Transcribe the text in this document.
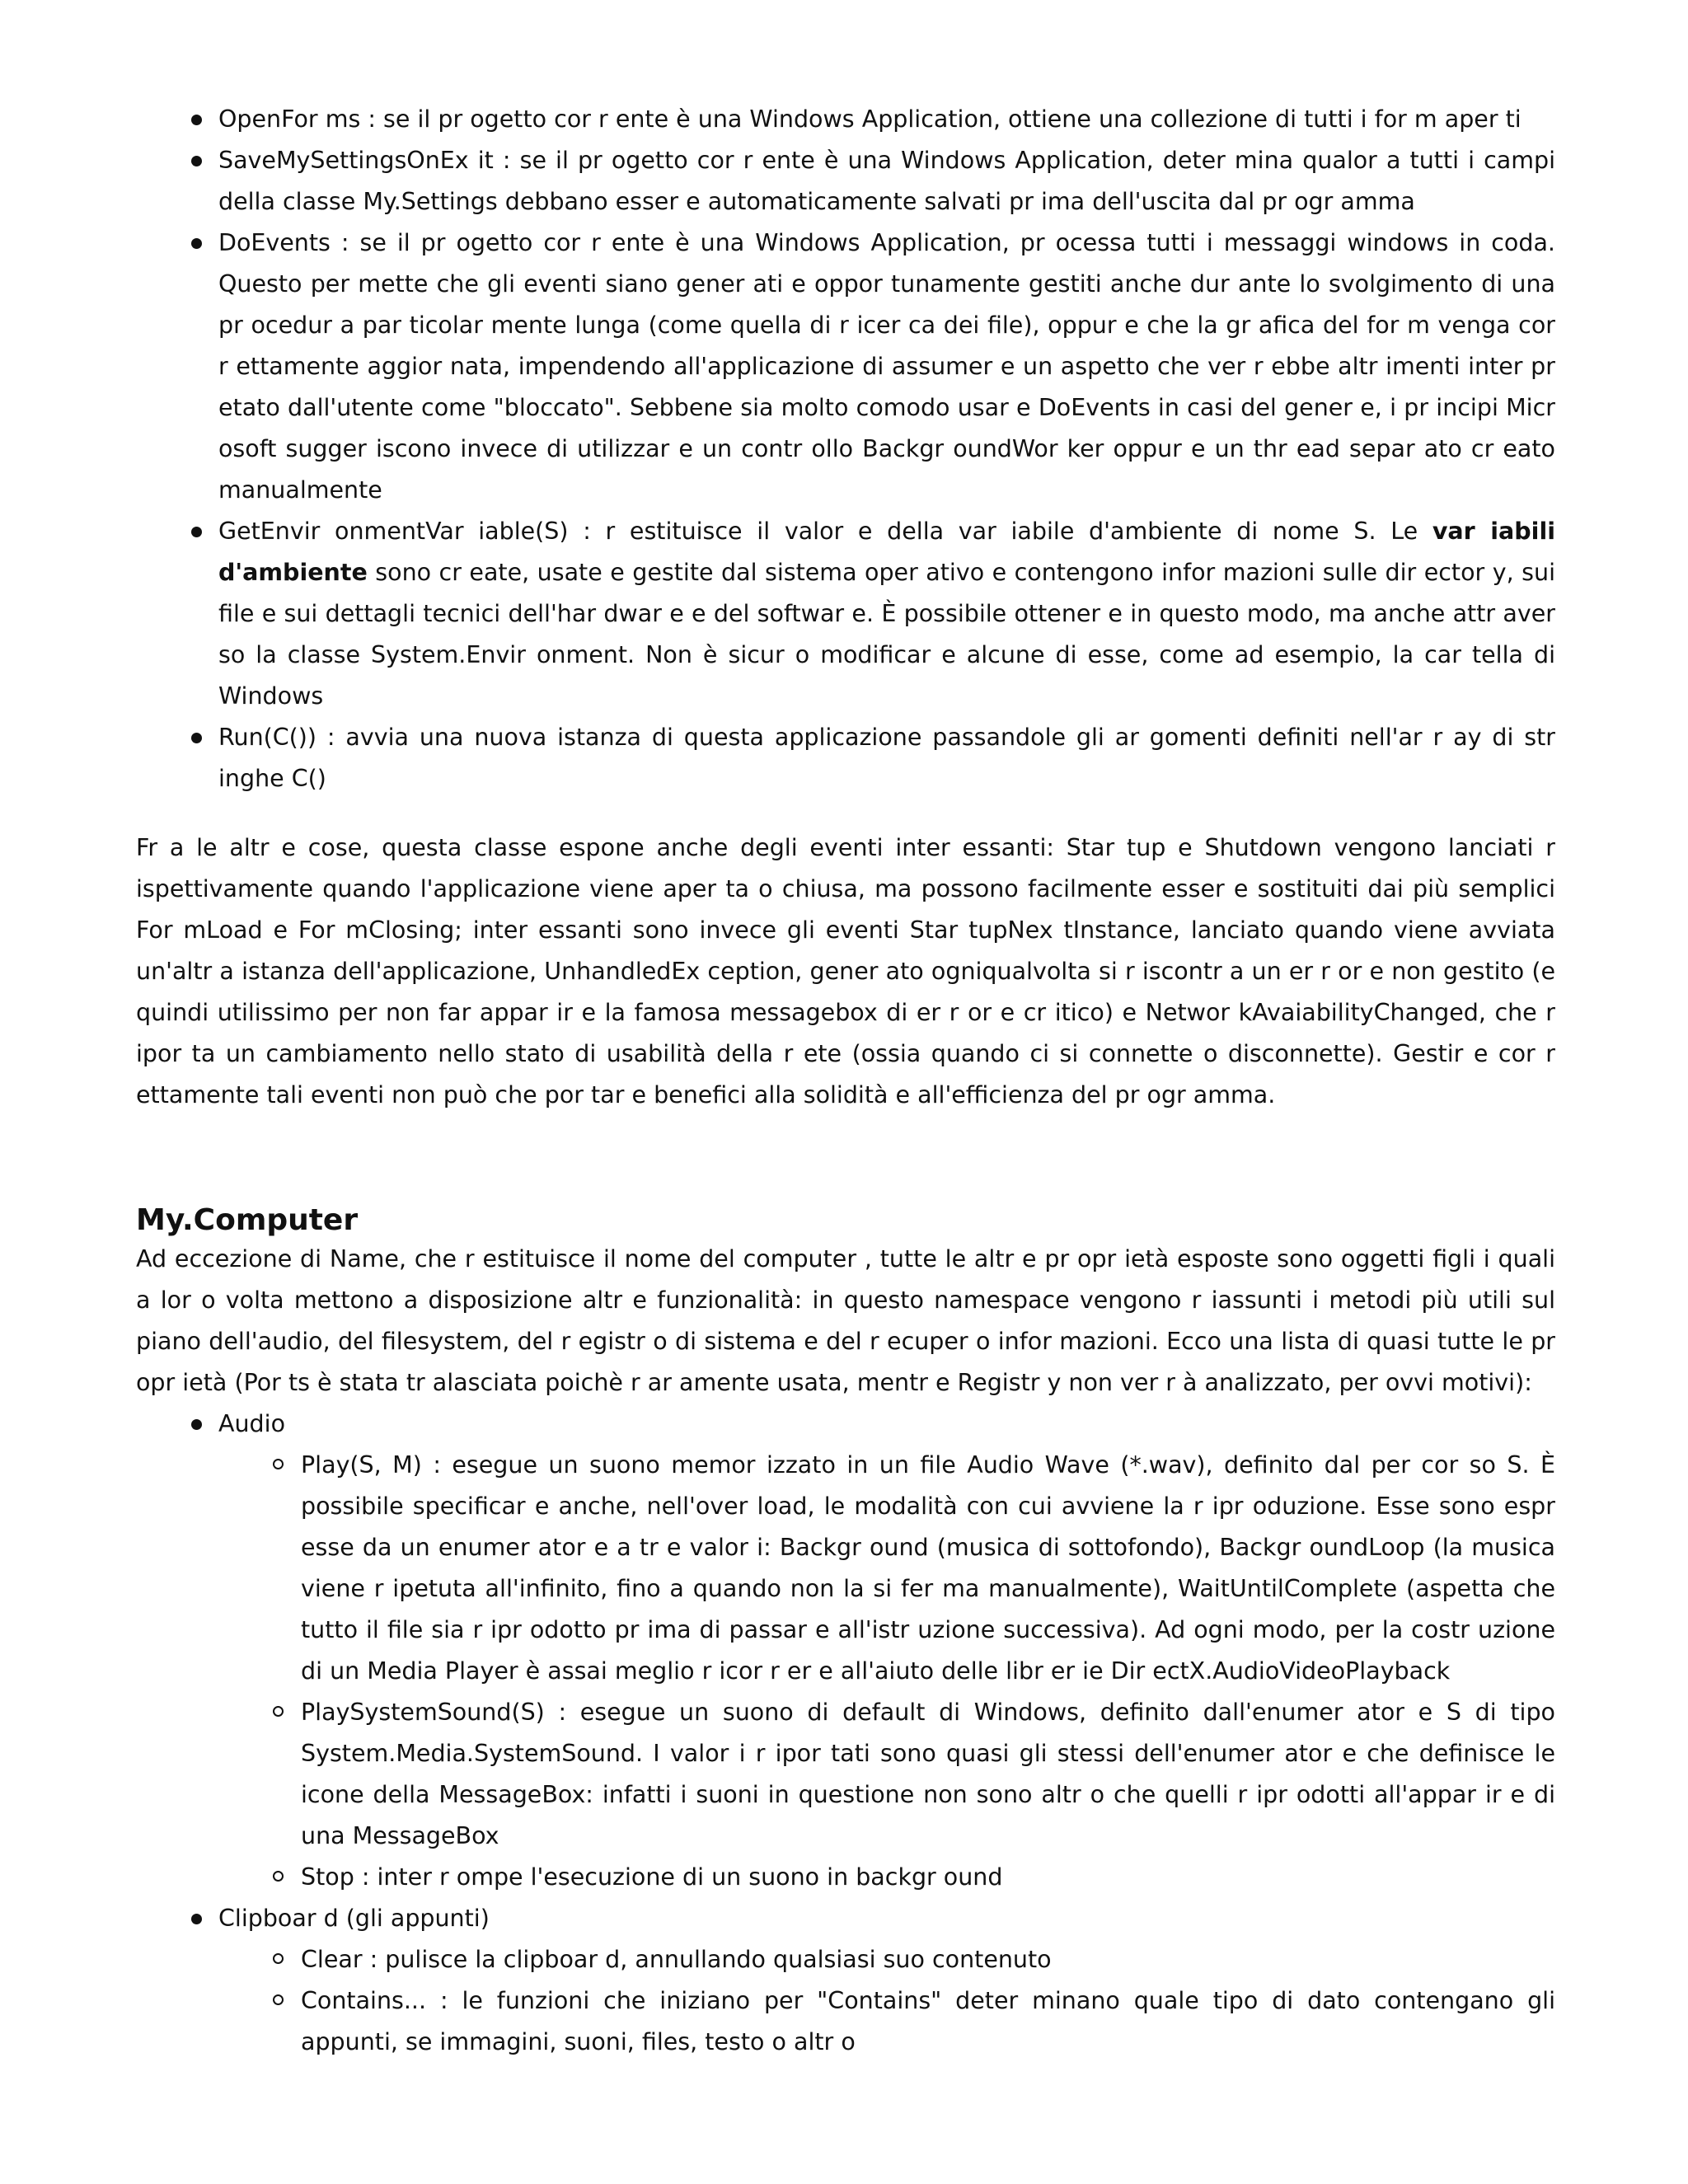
OpenFor ms : se il pr ogetto cor r ente è una Windows Application, ottiene una collezione di tutti i for m aper ti

SaveMySettingsOnEx it : se il pr ogetto cor r ente è una Windows Application, deter mina qualor a tutti i campi della classe My.Settings debbano esser e automaticamente salvati pr ima dell'uscita dal pr ogr amma

DoEvents : se il pr ogetto cor r ente è una Windows Application, pr ocessa tutti i messaggi windows in coda. Questo per mette che gli eventi siano gener ati e oppor tunamente gestiti anche dur ante lo svolgimento di una pr ocedur a par ticolar mente lunga (come quella di r icer ca dei file), oppur e che la gr afica del for m venga cor r ettamente aggior nata, impendendo all'applicazione di assumer e un aspetto che ver r ebbe altr imenti inter pr etato dall'utente come "bloccato". Sebbene sia molto comodo usar e DoEvents in casi del gener e, i pr incipi Micr osoft sugger iscono invece di utilizzar e un contr ollo Backgr oundWor ker oppur e un thr ead separ ato cr eato manualmente

GetEnvir onmentVar iable(S) : r estituisce il valor e della var iabile d'ambiente di nome S. Le var iabili d'ambiente sono cr eate, usate e gestite dal sistema oper ativo e contengono infor mazioni sulle dir ector y, sui file e sui dettagli tecnici dell'har dwar e e del softwar e. È possibile ottener e in questo modo, ma anche attr aver so la classe System.Envir onment. Non è sicur o modificar e alcune di esse, come ad esempio, la car tella di Windows

Run(C()) : avvia una nuova istanza di questa applicazione passandole gli ar gomenti definiti nell'ar r ay di str inghe C()

Fr a le altr e cose, questa classe espone anche degli eventi inter essanti: Star tup e Shutdown vengono lanciati r ispettivamente quando l'applicazione viene aper ta o chiusa, ma possono facilmente esser e sostituiti dai più semplici For mLoad e For mClosing; inter essanti sono invece gli eventi Star tupNex tInstance, lanciato quando viene avviata un'altr a istanza dell'applicazione, UnhandledEx ception, gener ato ogniqualvolta si r iscontr a un er r or e non gestito (e quindi utilissimo per non far appar ir e la famosa messagebox di er r or e cr itico) e Networ kAvaiabilityChanged, che r ipor ta un cambiamento nello stato di usabilità della r ete (ossia quando ci si connette o disconnette). Gestir e cor r ettamente tali eventi non può che por tar e benefici alla solidità e all'efficienza del pr ogr amma.

My.Computer

Ad eccezione di Name, che r estituisce il nome del computer , tutte le altr e pr opr ietà esposte sono oggetti figli i quali a lor o volta mettono a disposizione altr e funzionalità: in questo namespace vengono r iassunti i metodi più utili sul piano dell'audio, del filesystem, del r egistr o di sistema e del r ecuper o infor mazioni. Ecco una lista di quasi tutte le pr opr ietà (Por ts è stata tr alasciata poichè r ar amente usata, mentr e Registr y non ver r à analizzato, per ovvi motivi):

Audio

Play(S, M) : esegue un suono memor izzato in un file Audio Wave (*.wav), definito dal per cor so S. È possibile specificar e anche, nell'over load, le modalità con cui avviene la r ipr oduzione. Esse sono espr esse da un enumer ator e a tr e valor i: Backgr ound (musica di sottofondo), Backgr oundLoop (la musica viene r ipetuta all'infinito, fino a quando non la si fer ma manualmente), WaitUntilComplete (aspetta che tutto il file sia r ipr odotto pr ima di passar e all'istr uzione successiva). Ad ogni modo, per la costr uzione di un Media Player è assai meglio r icor r er e all'aiuto delle libr er ie Dir ectX.AudioVideoPlayback

PlaySystemSound(S) : esegue un suono di default di Windows, definito dall'enumer ator e S di tipo System.Media.SystemSound. I valor i r ipor tati sono quasi gli stessi dell'enumer ator e che definisce le icone della MessageBox: infatti i suoni in questione non sono altr o che quelli r ipr odotti all'appar ir e di una MessageBox

Stop : inter r ompe l'esecuzione di un suono in backgr ound

Clipboar d (gli appunti)

Clear : pulisce la clipboar d, annullando qualsiasi suo contenuto

Contains... : le funzioni che iniziano per "Contains" deter minano quale tipo di dato contengano gli appunti, se immagini, suoni, files, testo o altr o
